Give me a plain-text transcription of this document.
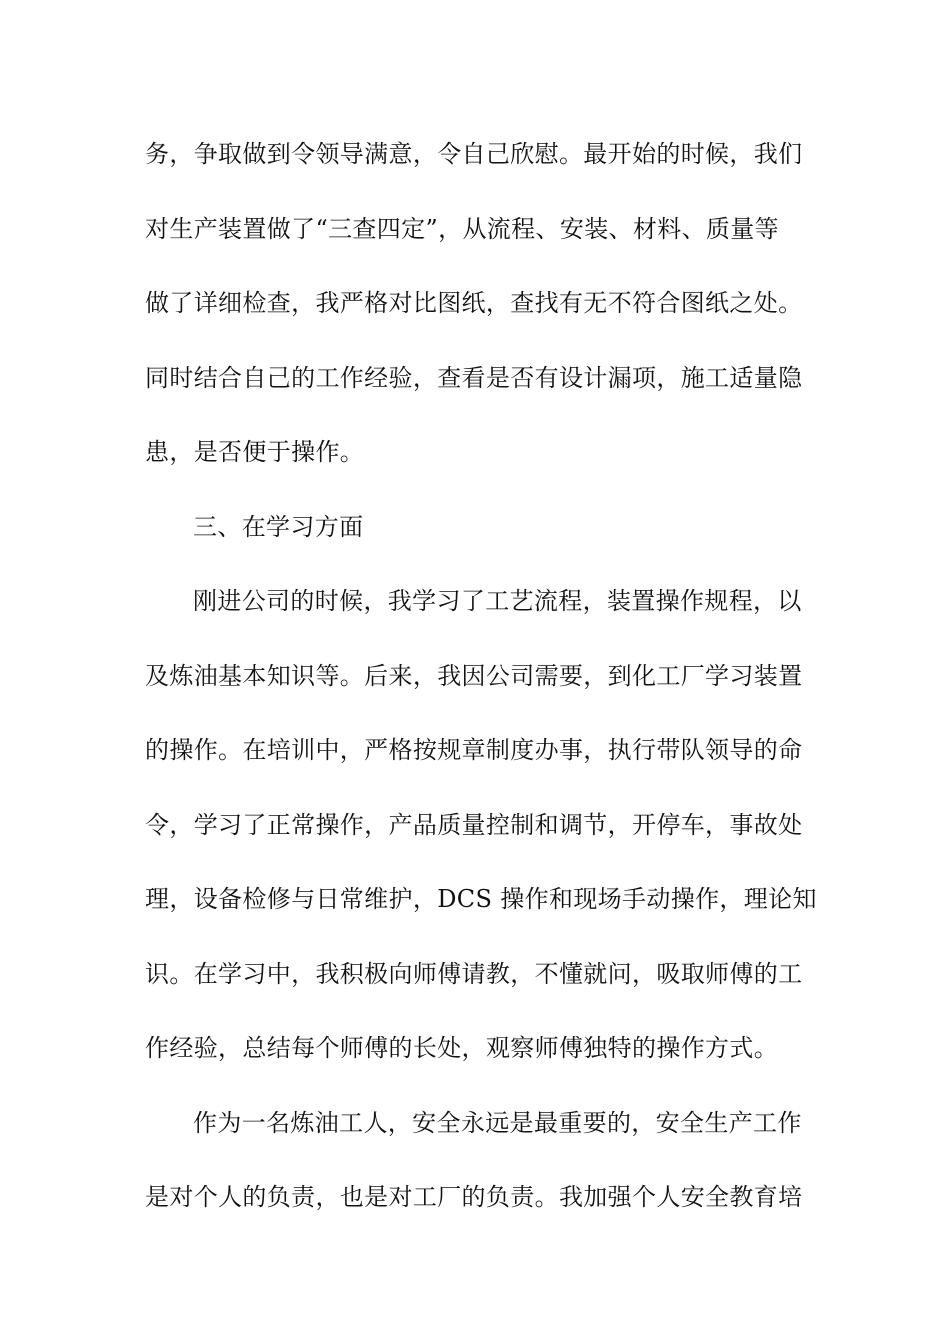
务，争取做到令领导满意，令自己欣慰。最开始的时候，我们
对生产装置做了“三查四定”，从流程、安装、材料、质量等
做了详细检查，我严格对比图纸，查找有无不符合图纸之处。
同时结合自己的工作经验，查看是否有设计漏项，施工适量隐
患，是否便于操作。
三、在学习方面
刚进公司的时候，我学习了工艺流程，装置操作规程，以
及炼油基本知识等。后来，我因公司需要，到化工厂学习装置
的操作。在培训中，严格按规章制度办事，执行带队领导的命
令，学习了正常操作，产品质量控制和调节，开停车，事故处
理，设备检修与日常维护，DCS 操作和现场手动操作，理论知
识。在学习中，我积极向师傅请教，不懂就问，吸取师傅的工
作经验，总结每个师傅的长处，观察师傅独特的操作方式。
作为一名炼油工人，安全永远是最重要的，安全生产工作
是对个人的负责，也是对工厂的负责。我加强个人安全教育培
